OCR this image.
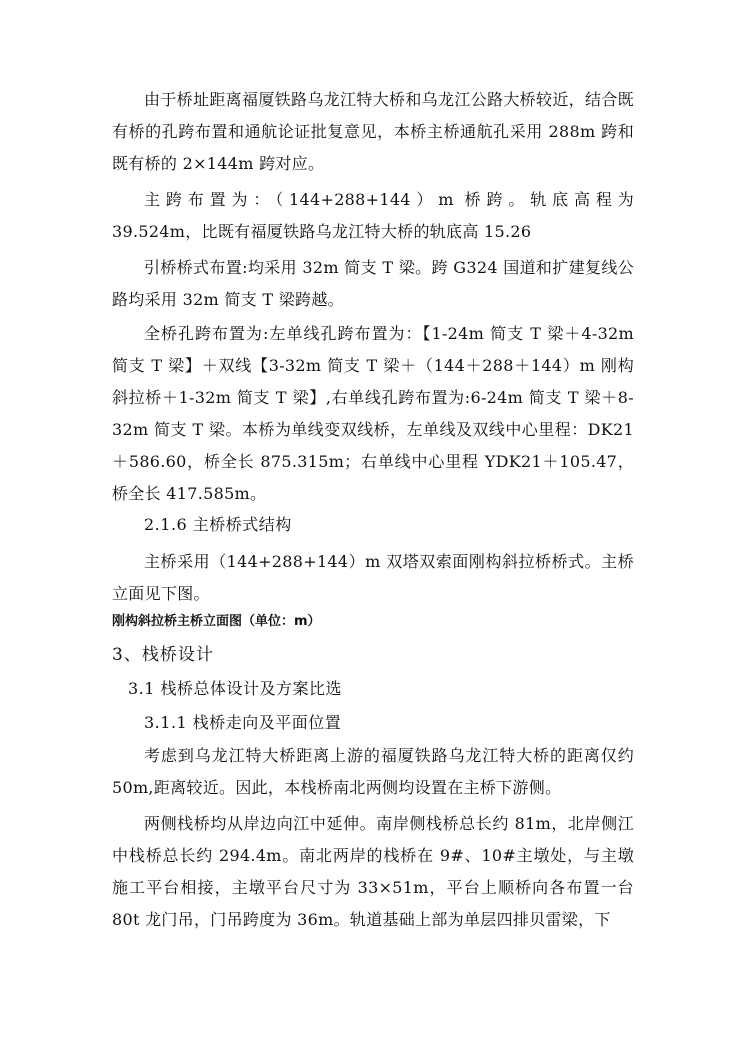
由于桥址距离福厦铁路乌龙江特大桥和乌龙江公路大桥较近，结合既有桥的孔跨布置和通航论证批复意见，本桥主桥通航孔采用 288m 跨和既有桥的 2×144m 跨对应。
主跨布置为：（144+288+144）m 桥跨。轨底高程为 39.524m，比既有福厦铁路乌龙江特大桥的轨底高 15.26
引桥桥式布置:均采用 32m 简支 T 梁。跨 G324 国道和扩建复线公路均采用 32m 简支 T 梁跨越。
全桥孔跨布置为:左单线孔跨布置为：【1-24m 简支 T 梁＋4-32m 简支 T 梁】＋双线【3-32m 简支 T 梁＋（144＋288＋144）m 刚构斜拉桥＋1-32m 简支 T 梁】,右单线孔跨布置为:6-24m 简支 T 梁＋8-32m 简支 T 梁。本桥为单线变双线桥，左单线及双线中心里程：DK21＋586.60，桥全长 875.315m；右单线中心里程 YDK21＋105.47，桥全长 417.585m。
2.1.6 主桥桥式结构
主桥采用（144+288+144）m 双塔双索面刚构斜拉桥桥式。主桥立面见下图。
刚构斜拉桥主桥立面图（单位：m）
3、栈桥设计
3.1 栈桥总体设计及方案比选
3.1.1 栈桥走向及平面位置
考虑到乌龙江特大桥距离上游的福厦铁路乌龙江特大桥的距离仅约 50m,距离较近。因此，本栈桥南北两侧均设置在主桥下游侧。
两侧栈桥均从岸边向江中延伸。南岸侧栈桥总长约 81m，北岸侧江中栈桥总长约 294.4m。南北两岸的栈桥在 9#、10#主墩处，与主墩施工平台相接，主墩平台尺寸为 33×51m，平台上顺桥向各布置一台 80t 龙门吊，门吊跨度为 36m。轨道基础上部为单层四排贝雷梁，下
